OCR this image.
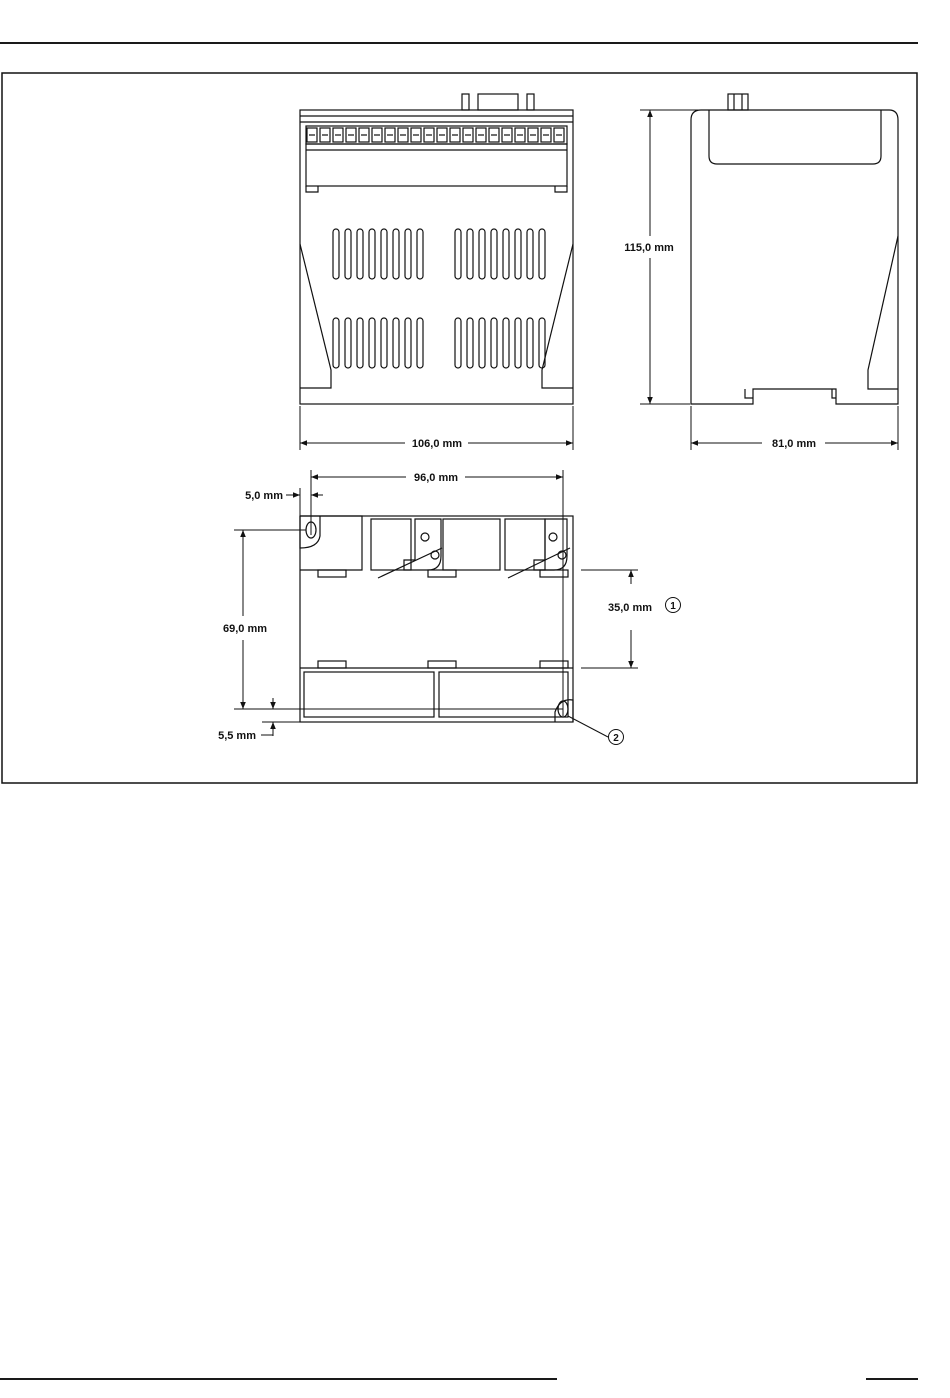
106,0 mm
115,0 mm
81,0 mm
96,0 mm
5,0 mm
69,0 mm
5,5 mm
35,0 mm 1
2
